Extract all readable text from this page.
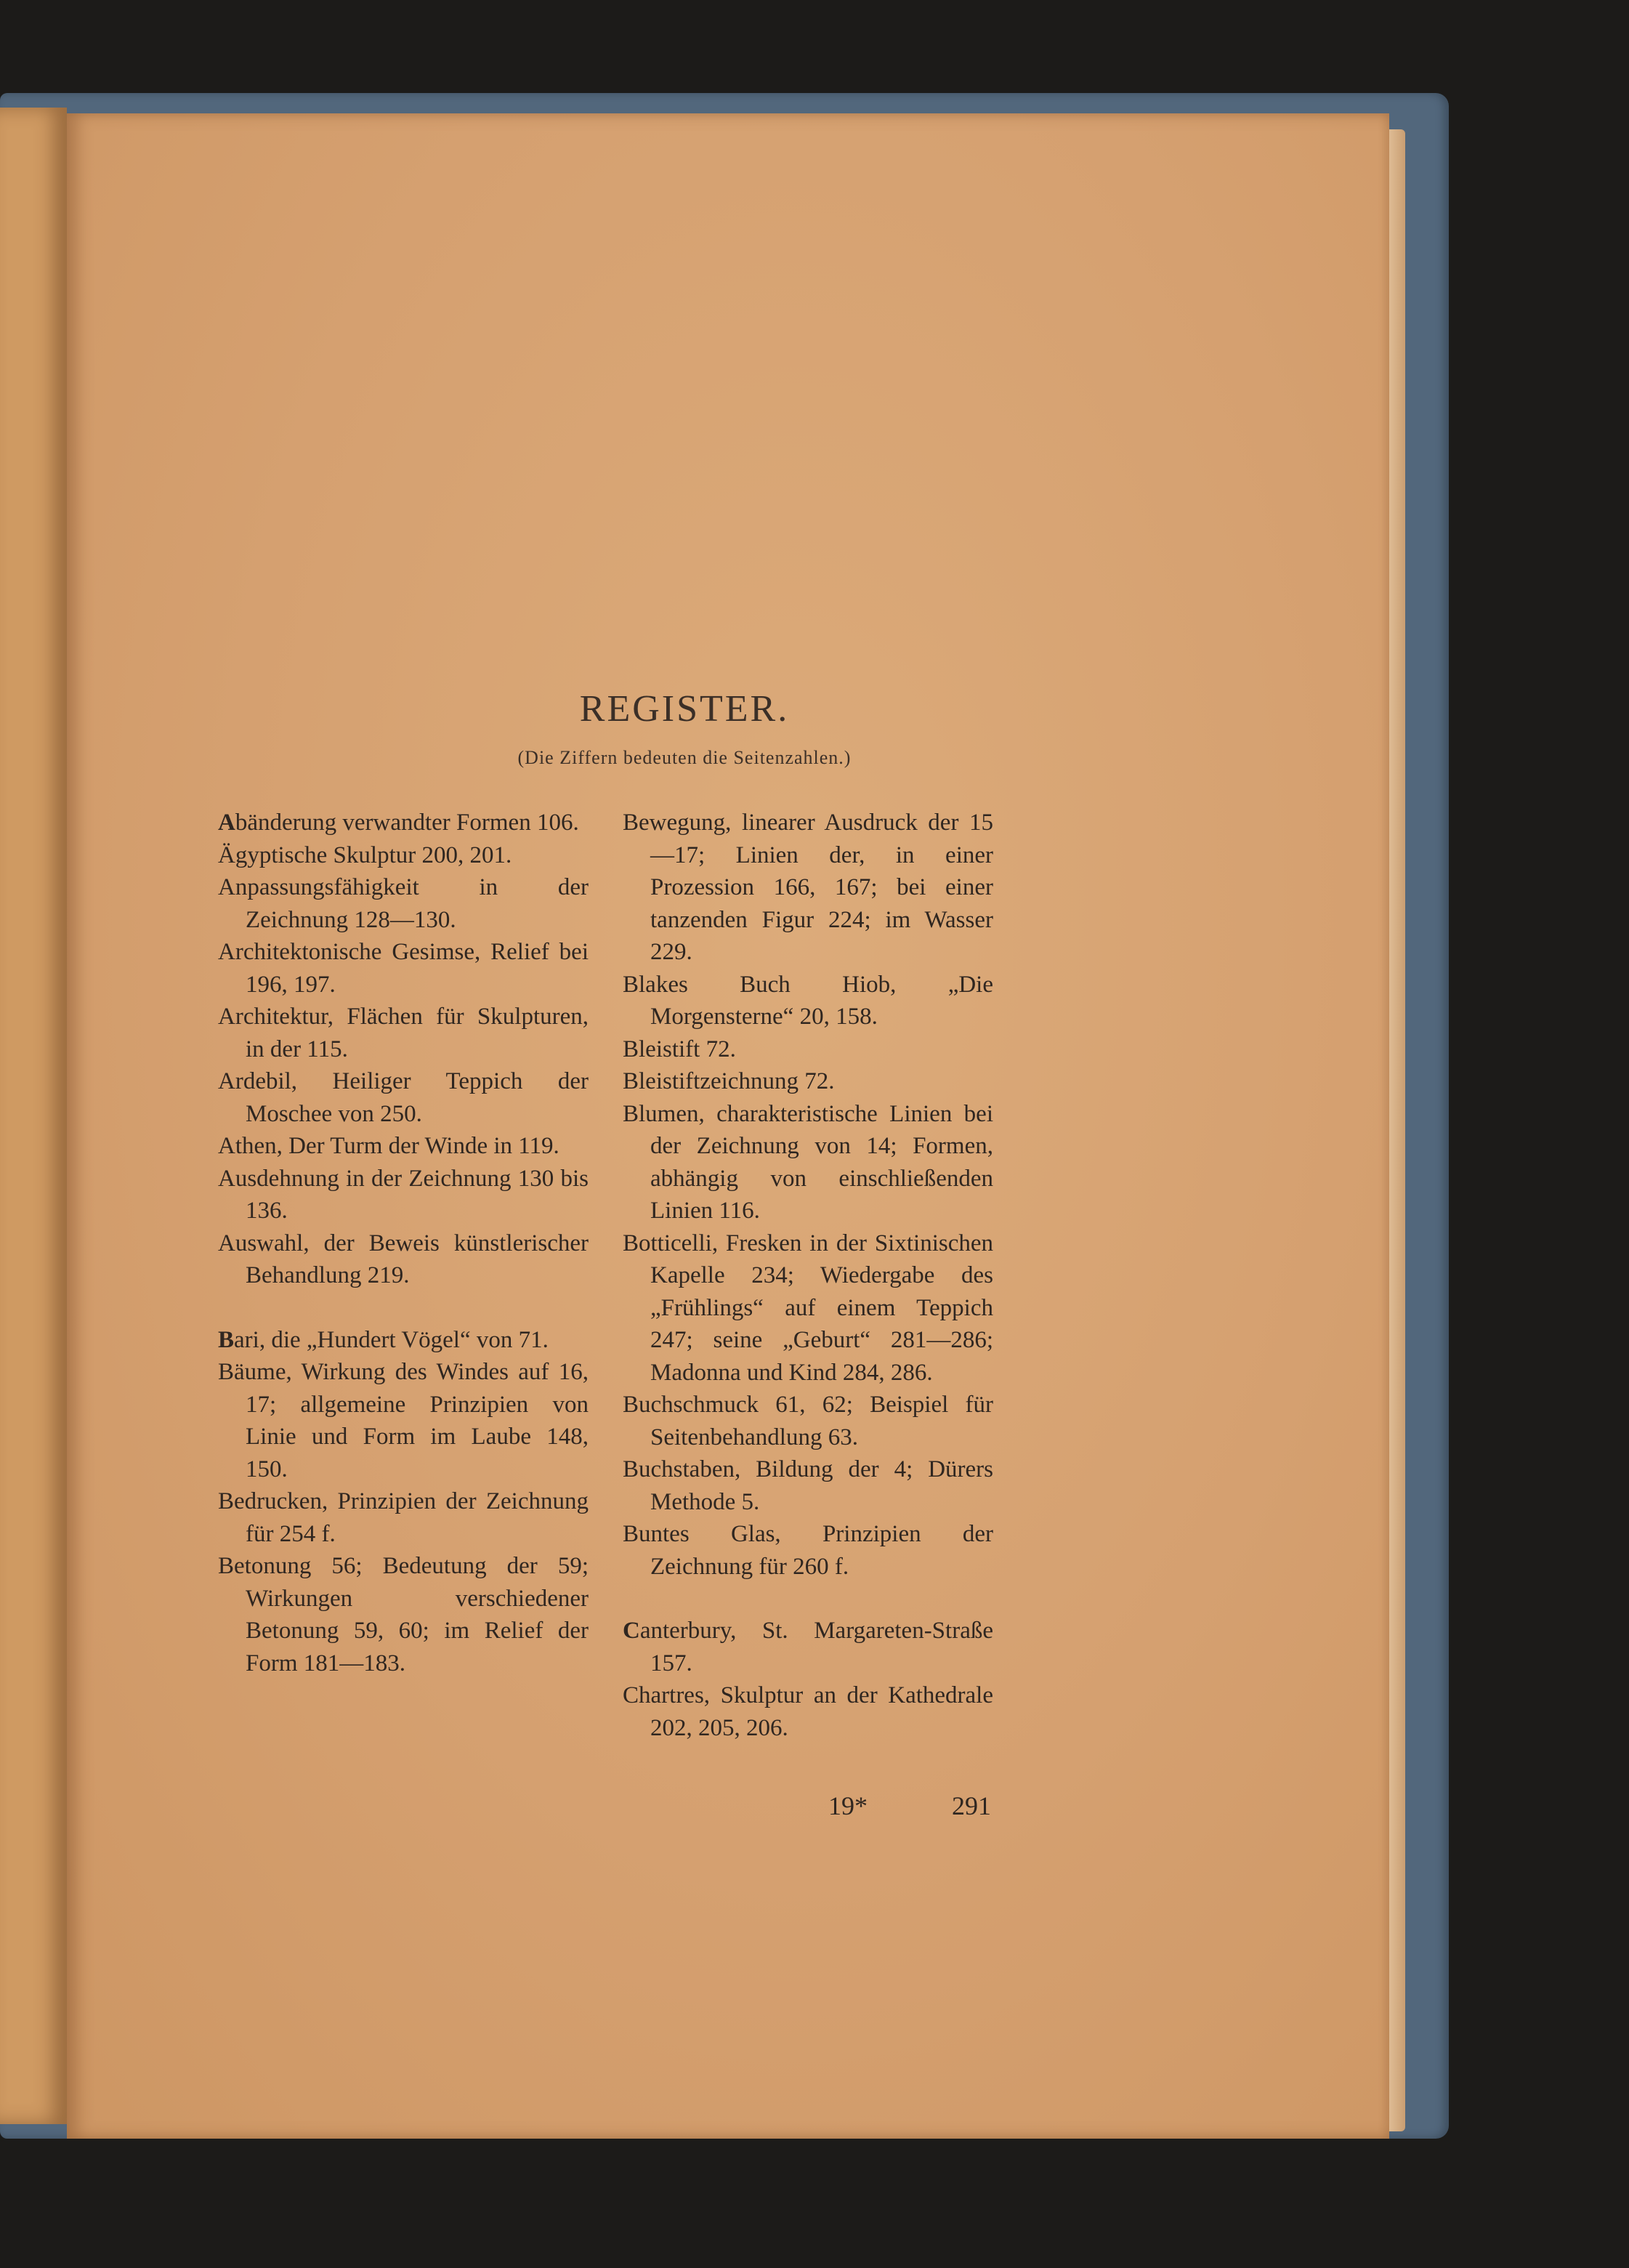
REGISTER.
(Die Ziffern bedeuten die Seitenzahlen.)

Abänderung verwandter Formen 106.

Ägyptische Skulptur 200, 201.

Anpassungsfähigkeit in der Zeichnung 128—130.

Architektonische Gesimse, Relief bei 196, 197.

Architektur, Flächen für Skulpturen, in der 115.

Ardebil, Heiliger Teppich der Moschee von 250.

Athen, Der Turm der Winde in 119.

Ausdehnung in der Zeichnung 130 bis 136.

Auswahl, der Beweis künstlerischer Behandlung 219.

Bari, die „Hundert Vögel“ von 71.

Bäume, Wirkung des Windes auf 16, 17; allgemeine Prinzipien von Linie und Form im Laube 148, 150.

Bedrucken, Prinzipien der Zeichnung für 254 f.

Betonung 56; Bedeutung der 59; Wirkungen verschiedener Betonung 59, 60; im Relief der Form 181—183.

Bewegung, linearer Ausdruck der 15—17; Linien der, in einer Prozession 166, 167; bei einer tanzenden Figur 224; im Wasser 229.

Blakes Buch Hiob, „Die Morgensterne“ 20, 158.

Bleistift 72.

Bleistiftzeichnung 72.

Blumen, charakteristische Linien bei der Zeichnung von 14; Formen, abhängig von einschließenden Linien 116.

Botticelli, Fresken in der Sixtinischen Kapelle 234; Wiedergabe des „Frühlings“ auf einem Teppich 247; seine „Geburt“ 281—286; Madonna und Kind 284, 286.

Buchschmuck 61, 62; Beispiel für Seitenbehandlung 63.

Buchstaben, Bildung der 4; Dürers Methode 5.

Buntes Glas, Prinzipien der Zeichnung für 260 f.

Canterbury, St. Margareten-Straße 157.

Chartres, Skulptur an der Kathedrale 202, 205, 206.

19*	291
